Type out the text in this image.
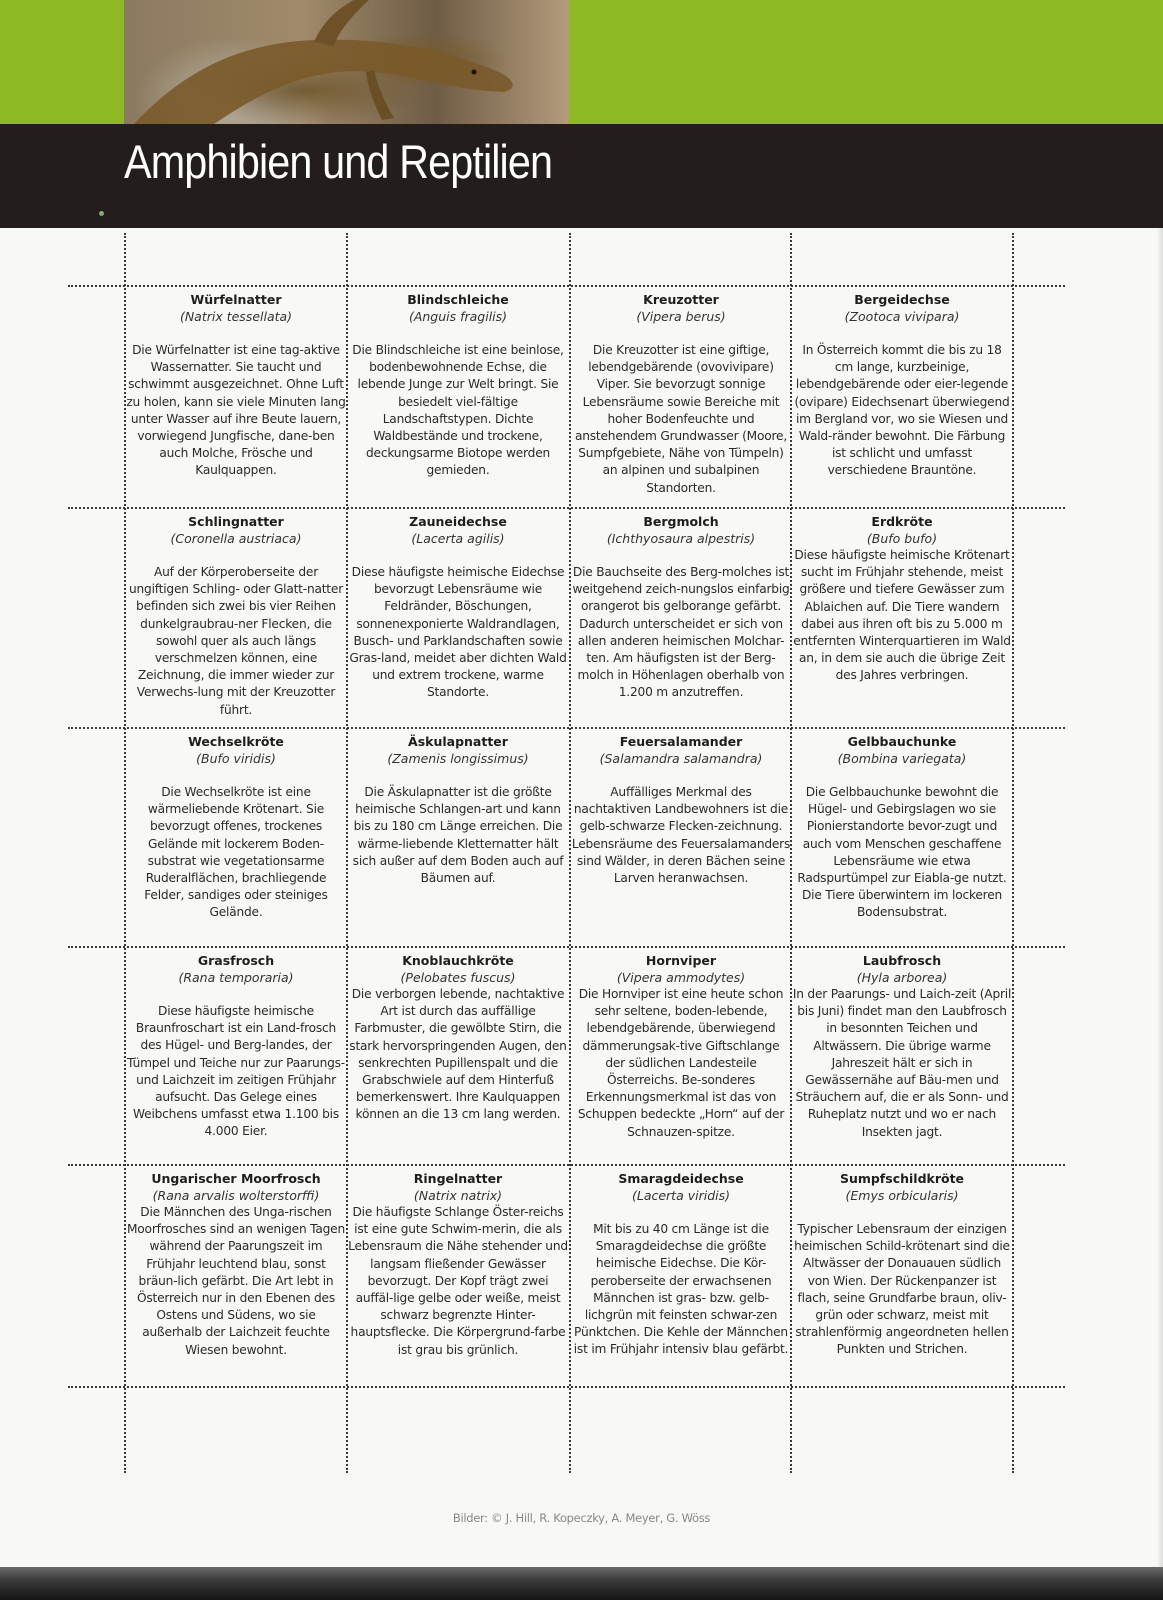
Amphibien und Reptilien
Würfelnatter
(Natrix tessellata)
Die Würfelnatter ist eine tag-aktive Wassernatter. Sie taucht und schwimmt ausgezeichnet. Ohne Luft zu holen, kann sie viele Minuten lang unter Wasser auf ihre Beute lauern, vorwiegend Jungfische, dane-ben auch Molche, Frösche und Kaulquappen.
Blindschleiche
(Anguis fragilis)
Die Blindschleiche ist eine beinlose, bodenbewohnende Echse, die lebende Junge zur Welt bringt. Sie besiedelt viel-fältige Landschaftstypen. Dichte Waldbestände und trockene, deckungsarme Biotope werden gemieden.
Kreuzotter
(Vipera berus)
Die Kreuzotter ist eine giftige, lebendgebärende (ovovivipare) Viper. Sie bevorzugt sonnige Lebensräume sowie Bereiche mit hoher Bodenfeuchte und anstehendem Grundwasser (Moore, Sumpfgebiete, Nähe von Tümpeln) an alpinen und subalpinen Standorten.
Bergeidechse
(Zootoca vivipara)
In Österreich kommt die bis zu 18 cm lange, kurzbeinige, lebendgebärende oder eier-legende (ovipare) Eidechsenart überwiegend im Bergland vor, wo sie Wiesen und Wald-ränder bewohnt. Die Färbung ist schlicht und umfasst verschiedene Brauntöne.
Schlingnatter
(Coronella austriaca)
Auf der Körperoberseite der ungiftigen Schling- oder Glatt-natter befinden sich zwei bis vier Reihen dunkelgraubrau-ner Flecken, die sowohl quer als auch längs verschmelzen können, eine Zeichnung, die immer wieder zur Verwechs-lung mit der Kreuzotter führt.
Zauneidechse
(Lacerta agilis)
Diese häufigste heimische Eidechse bevorzugt Lebensräume wie Feldränder, Böschungen, sonnenexponierte Waldrandlagen, Busch- und Parklandschaften sowie Gras-land, meidet aber dichten Wald und extrem trockene, warme Standorte.
Bergmolch
(Ichthyosaura alpestris)
Die Bauchseite des Berg-molches ist weitgehend zeich-nungslos einfarbig orangerot bis gelborange gefärbt. Dadurch unterscheidet er sich von allen anderen heimischen Molchar-ten. Am häufigsten ist der Berg-molch in Höhenlagen oberhalb von 1.200 m anzutreffen.
Erdkröte
(Bufo bufo)
Diese häufigste heimische Krötenart sucht im Frühjahr stehende, meist größere und tiefere Gewässer zum Ablaichen auf. Die Tiere wandern dabei aus ihren oft bis zu 5.000 m entfernten Winterquartieren im Wald an, in dem sie auch die übrige Zeit des Jahres verbringen.
Wechselkröte
(Bufo viridis)
Die Wechselkröte ist eine wärmeliebende Krötenart. Sie bevorzugt offenes, trockenes Gelände mit lockerem Boden-substrat wie vegetationsarme Ruderalflächen, brachliegende Felder, sandiges oder steiniges Gelände.
Äskulapnatter
(Zamenis longissimus)
Die Äskulapnatter ist die größte heimische Schlangen-art und kann bis zu 180 cm Länge erreichen. Die wärme-liebende Kletternatter hält sich außer auf dem Boden auch auf Bäumen auf.
Feuersalamander
(Salamandra salamandra)
Auffälliges Merkmal des nachtaktiven Landbewohners ist die gelb-schwarze Flecken-zeichnung. Lebensräume des Feuersalamanders sind Wälder, in deren Bächen seine Larven heranwachsen.
Gelbbauchunke
(Bombina variegata)
Die Gelbbauchunke bewohnt die Hügel- und Gebirgslagen wo sie Pionierstandorte bevor-zugt und auch vom Menschen geschaffene Lebensräume wie etwa Radspurtümpel zur Eiabla-ge nutzt. Die Tiere überwintern im lockeren Bodensubstrat.
Grasfrosch
(Rana temporaria)
Diese häufigste heimische Braunfroschart ist ein Land-frosch des Hügel- und Berg-landes, der Tümpel und Teiche nur zur Paarungs- und Laichzeit im zeitigen Frühjahr aufsucht. Das Gelege eines Weibchens umfasst etwa 1.100 bis 4.000 Eier.
Knoblauchkröte
(Pelobates fuscus)
Die verborgen lebende, nachtaktive Art ist durch das auffällige Farbmuster, die gewölbte Stirn, die stark hervorspringenden Augen, den senkrechten Pupillenspalt und die Grabschwiele auf dem Hinterfuß bemerkenswert. Ihre Kaulquappen können an die 13 cm lang werden.
Hornviper
(Vipera ammodytes)
Die Hornviper ist eine heute schon sehr seltene, boden-lebende, lebendgebärende, überwiegend dämmerungsak-tive Giftschlange der südlichen Landesteile Österreichs. Be-sonderes Erkennungsmerkmal ist das von Schuppen bedeckte „Horn“ auf der Schnauzen-spitze.
Laubfrosch
(Hyla arborea)
In der Paarungs- und Laich-zeit (April bis Juni) findet man den Laubfrosch in besonnten Teichen und Altwässern. Die übrige warme Jahreszeit hält er sich in Gewässernähe auf Bäu-men und Sträuchern auf, die er als Sonn- und Ruheplatz nutzt und wo er nach Insekten jagt.
Ungarischer Moorfrosch
(Rana arvalis wolterstorffi)
Die Männchen des Unga-rischen Moorfrosches sind an wenigen Tagen während der Paarungszeit im Frühjahr leuchtend blau, sonst bräun-lich gefärbt. Die Art lebt in Österreich nur in den Ebenen des Ostens und Südens, wo sie außerhalb der Laichzeit feuchte Wiesen bewohnt.
Ringelnatter
(Natrix natrix)
Die häufigste Schlange Öster-reichs ist eine gute Schwim-merin, die als Lebensraum die Nähe stehender und langsam fließender Gewässer bevorzugt. Der Kopf trägt zwei auffäl-lige gelbe oder weiße, meist schwarz begrenzte Hinter-hauptsflecke. Die Körpergrund-farbe ist grau bis grünlich.
Smaragdeidechse
(Lacerta viridis)
Mit bis zu 40 cm Länge ist die Smaragdeidechse die größte heimische Eidechse. Die Kör-peroberseite der erwachsenen Männchen ist gras- bzw. gelb-lichgrün mit feinsten schwar-zen Pünktchen. Die Kehle der Männchen ist im Frühjahr intensiv blau gefärbt.
Sumpfschildkröte
(Emys orbicularis)
Typischer Lebensraum der einzigen heimischen Schild-krötenart sind die Altwässer der Donauauen südlich von Wien. Der Rückenpanzer ist flach, seine Grundfarbe braun, oliv-grün oder schwarz, meist mit strahlenförmig angeordneten hellen Punkten und Strichen.
Bilder: © J. Hill, R. Kopeczky, A. Meyer, G. Wöss
